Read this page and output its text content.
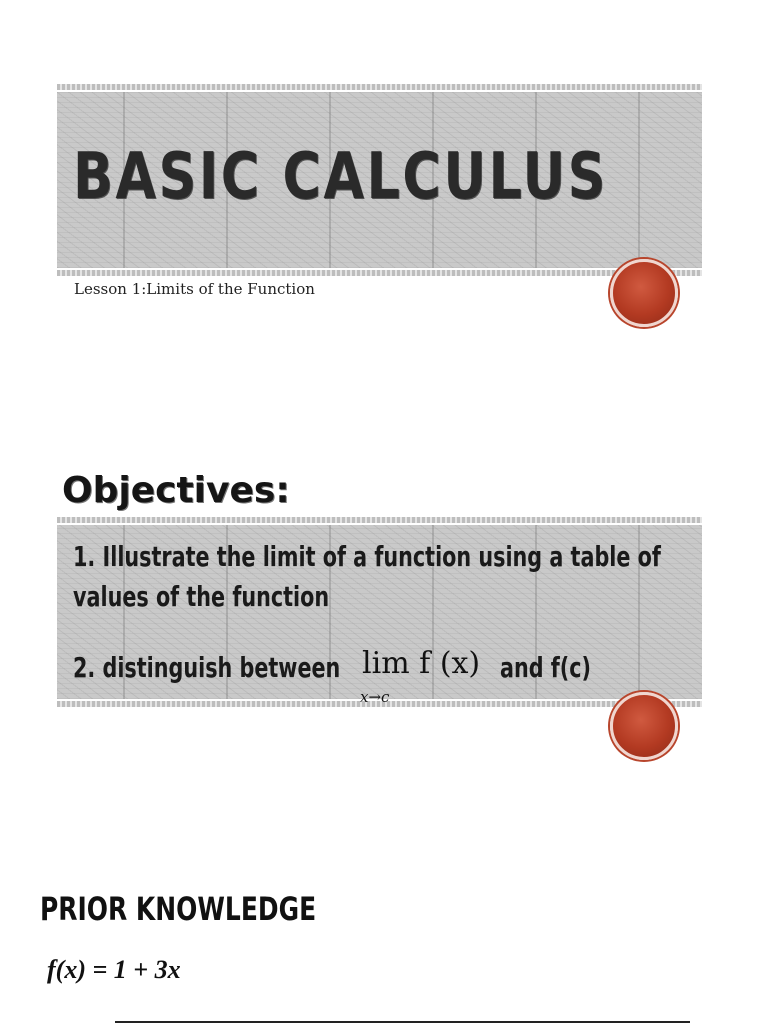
BASIC CALCULUS
Lesson 1:Limits of the Function
Objectives:
1. Illustrate the limit of a function using a table of
values of the function
2. distinguish between lim f (x)
x→c
and f(c)
PRIOR KNOWLEDGE
f(x) = 1 + 3x
